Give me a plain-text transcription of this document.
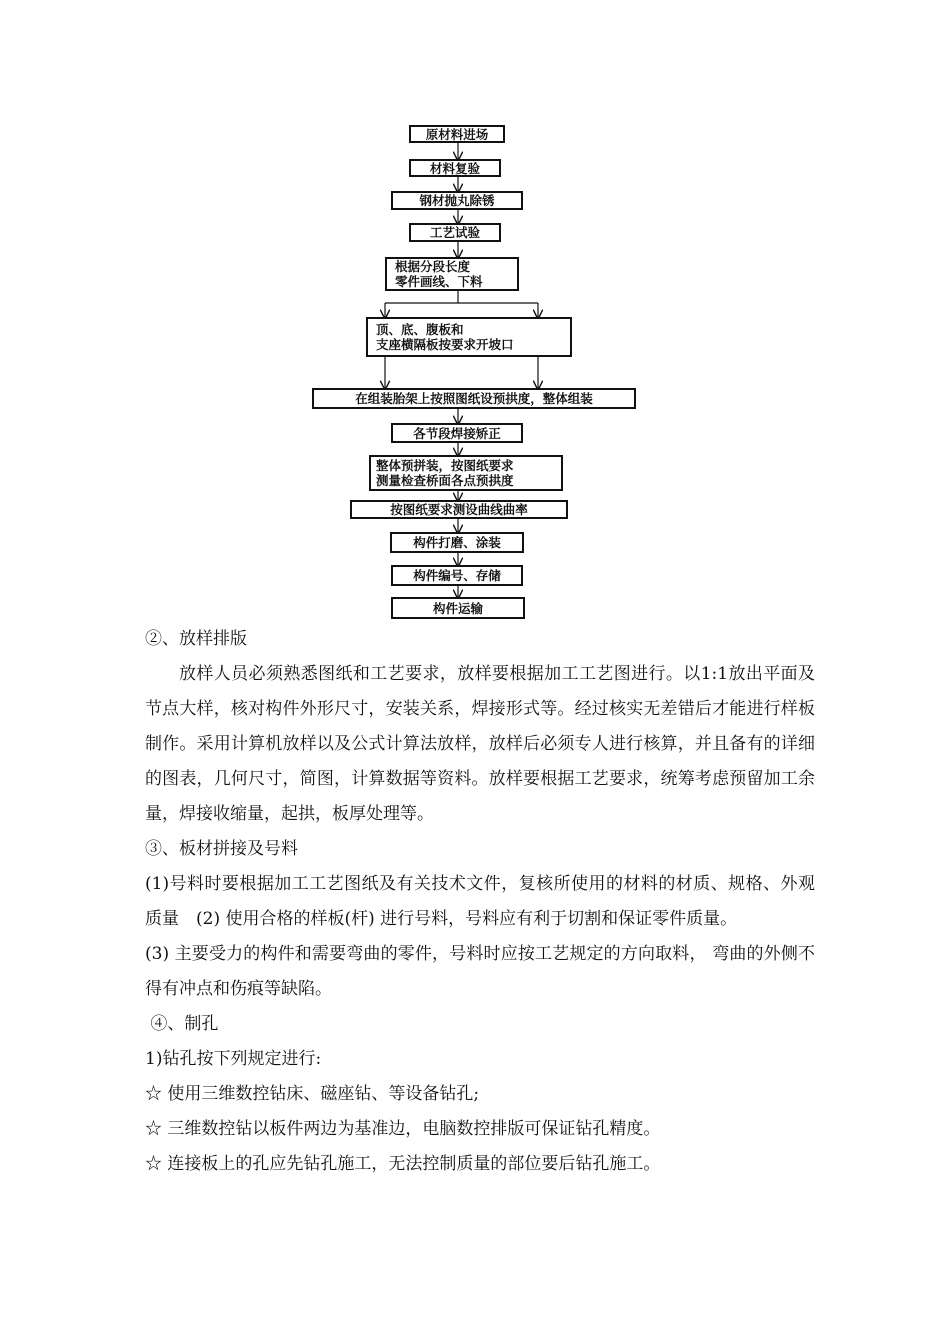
原材料进场
材料复验
钢材抛丸除锈
工艺试验
根据分段长度
零件画线、下料
顶、底、腹板和
支座横隔板按要求开坡口
在组装胎架上按照图纸设预拱度，整体组装
各节段焊接矫正
整体预拼装，按图纸要求
测量检查桥面各点预拱度
按图纸要求测设曲线曲率
构件打磨、涂装
构件编号、存储
构件运输

②、放样排版

放样人员必须熟悉图纸和工艺要求，放样要根据加工工艺图进行。以1:1放出平面及节点大样，核对构件外形尺寸，安装关系，焊接形式等。经过核实无差错后才能进行样板制作。采用计算机放样以及公式计算法放样，放样后必须专人进行核算，并且备有的详细的图表，几何尺寸，简图，计算数据等资料。放样要根据工艺要求，统筹考虑预留加工余量，焊接收缩量，起拱，板厚处理等。

③、板材拼接及号料

(1)号料时要根据加工工艺图纸及有关技术文件，复核所使用的材料的材质、规格、外观质量　(2) 使用合格的样板(杆) 进行号料，号料应有利于切割和保证零件质量。

(3) 主要受力的构件和需要弯曲的零件，号料时应按工艺规定的方向取料， 弯曲的外侧不得有冲点和伤痕等缺陷。

④、制孔

1)钻孔按下列规定进行:

☆ 使用三维数控钻床、磁座钻、等设备钻孔;

☆ 三维数控钻以板件两边为基准边，电脑数控排版可保证钻孔精度。

☆ 连接板上的孔应先钻孔施工，无法控制质量的部位要后钻孔施工。
